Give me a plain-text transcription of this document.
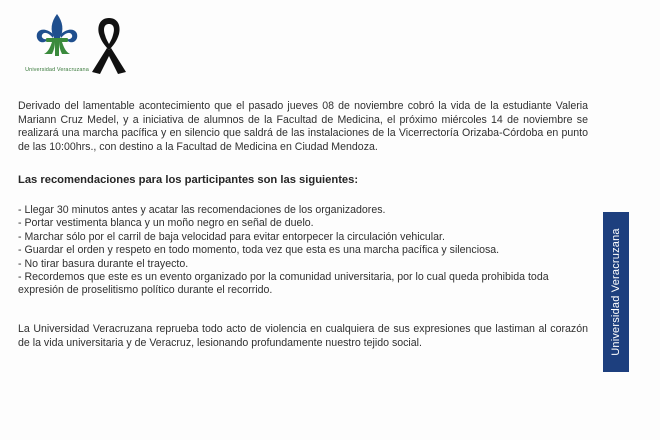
Universidad Veracruzana

Derivado del lamentable acontecimiento que el pasado jueves 08 de noviembre cobró la vida de la estudiante Valeria Mariann Cruz Medel, y a iniciativa de alumnos de la Facultad de Medicina, el próximo miércoles 14 de noviembre se realizará una marcha pacífica y en silencio que saldrá de las instalaciones de la Vicerrectoría Orizaba-Córdoba en punto de las 10:00hrs., con destino a la Facultad de Medicina en Ciudad Mendoza.

Las recomendaciones para los participantes son las siguientes:
- Llegar 30 minutos antes y acatar las recomendaciones de los organizadores.
- Portar vestimenta blanca y un moño negro en señal de duelo.
- Marchar sólo por el carril de baja velocidad para evitar entorpecer la circulación vehicular.
- Guardar el orden y respeto en todo momento, toda vez que esta es una marcha pacífica y silenciosa.
- No tirar basura durante el trayecto.
- Recordemos que este es un evento organizado por la comunidad universitaria, por lo cual queda prohibida toda expresión de proselitismo político durante el recorrido.

La Universidad Veracruzana reprueba todo acto de violencia en cualquiera de sus expresiones que lastiman al corazón de la vida universitaria y de Veracruz, lesionando profundamente nuestro tejido social.	Universidad Veracruzana
